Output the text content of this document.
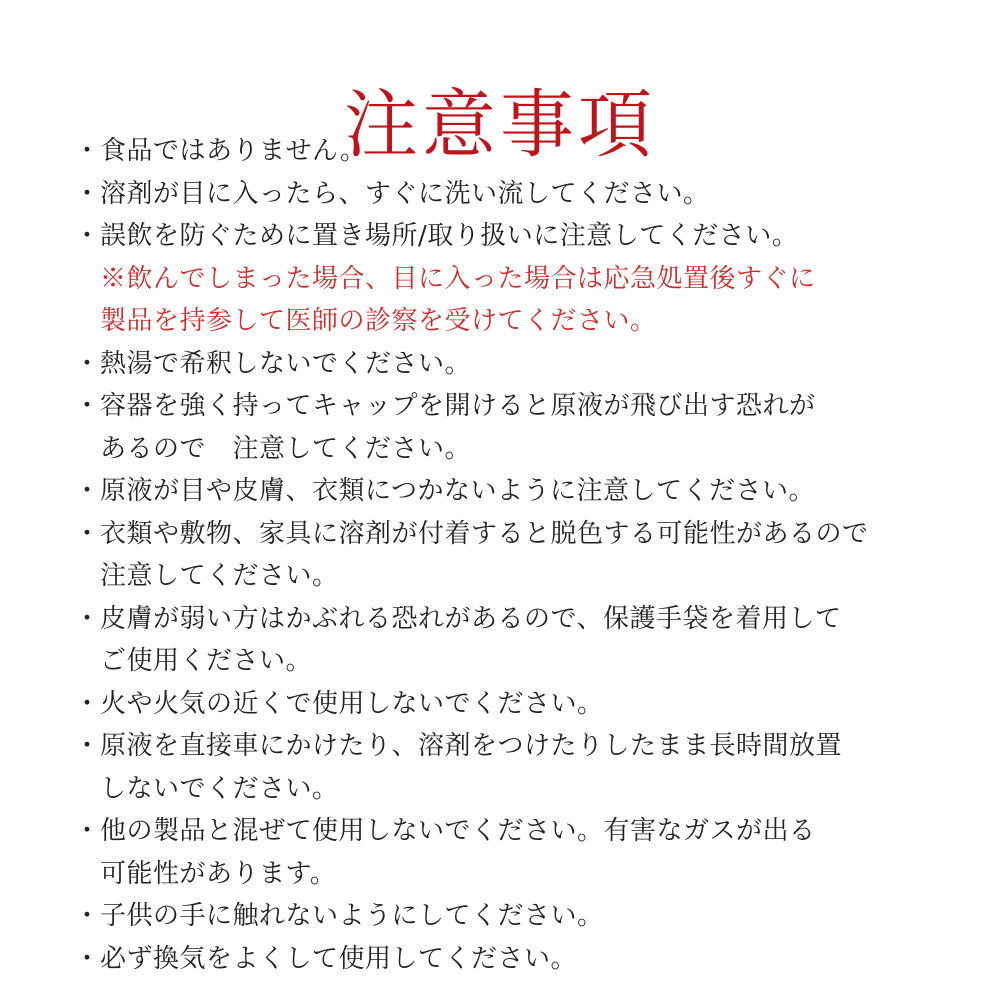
注意事項
・ 食品ではありません。
・ 溶剤が目に入ったら、すぐに洗い流してください。
・ 誤飲を防ぐために置き場所/取り扱いに注意してください。
※飲んでしまった場合、目に入った場合は応急処置後すぐに
製品を持参して医師の診察を受けてください。
・ 熱湯で希釈しないでください。
・ 容器を強く持ってキャップを開けると原液が飛び出す恐れが
あるので　注意してください。
・ 原液が目や皮膚、衣類につかないように注意してください。
・ 衣類や敷物、家具に溶剤が付着すると脱色する可能性があるので
注意してください。
・ 皮膚が弱い方はかぶれる恐れがあるので、保護手袋を着用して
ご使用ください。
・ 火や火気の近くで使用しないでください。
・ 原液を直接車にかけたり、溶剤をつけたりしたまま長時間放置
しないでください。
・ 他の製品と混ぜて使用しないでください。有害なガスが出る
可能性があります。
・ 子供の手に触れないようにしてください。
・ 必ず換気をよくして使用してください。
